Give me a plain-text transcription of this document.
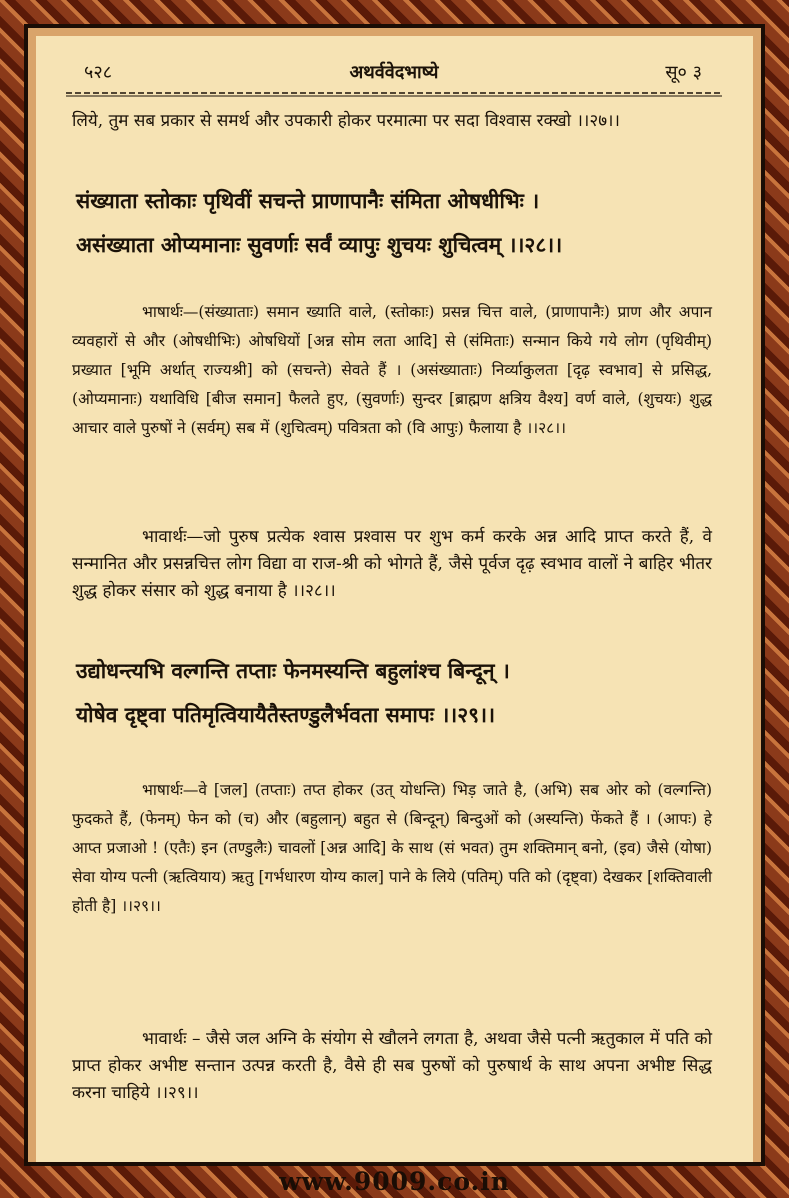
५२८	अथर्ववेदभाष्ये	सू० ३
लिये, तुम सब प्रकार से समर्थ और उपकारी होकर परमात्मा पर सदा विश्वास रक्खो ।।२७।।
संख्याता स्तोकाः पृथिवीं सचन्ते प्राणापानैः संमिता ओषधीभिः ।
असंख्याता ओप्यमानाः सुवर्णाः सर्वं व्यापुः शुचयः शुचित्वम् ।।२८।।
भाषार्थः—(संख्याताः) समान ख्याति वाले, (स्तोकाः) प्रसन्न चित्त वाले, (प्राणापानैः) प्राण और अपान व्यवहारों से और (ओषधीभिः) ओषधियों [अन्न सोम लता आदि] से (संमिताः) सन्मान किये गये लोग (पृथिवीम्) प्रख्यात [भूमि अर्थात् राज्यश्री] को (सचन्ते) सेवते हैं । (असंख्याताः) निर्व्याकुलता [दृढ़ स्वभाव] से प्रसिद्ध, (ओप्यमानाः) यथाविधि [बीज समान] फैलते हुए, (सुवर्णाः) सुन्दर [ब्राह्मण क्षत्रिय वैश्य] वर्ण वाले, (शुचयः) शुद्ध आचार वाले पुरुषों ने (सर्वम्) सब में (शुचित्वम्) पवित्रता को (वि आपुः) फैलाया है ।।२८।।
भावार्थः—जो पुरुष प्रत्येक श्वास प्रश्वास पर शुभ कर्म करके अन्न आदि प्राप्त करते हैं, वे सन्मानित और प्रसन्नचित्त लोग विद्या वा राज-श्री को भोगते हैं, जैसे पूर्वज दृढ़ स्वभाव वालों ने बाहिर भीतर शुद्ध होकर संसार को शुद्ध बनाया है ।।२८।।
उद्योधन्त्यभि वल्गन्ति तप्ताः फेनमस्यन्ति बहुलांश्च बिन्दून् ।
योषेव दृष्ट्वा पतिमृत्वियायैतैस्तण्डुलैर्भवता समापः ।।२९।।
भाषार्थः—वे [जल] (तप्ताः) तप्त होकर (उत् योधन्ति) भिड़ जाते है, (अभि) सब ओर को (वल्गन्ति) फुदकते हैं, (फेनम्) फेन को (च) और (बहुलान्) बहुत से (बिन्दून्) बिन्दुओं को (अस्यन्ति) फेंकते हैं । (आपः) हे आप्त प्रजाओ ! (एतैः) इन (तण्डुलैः) चावलों [अन्न आदि] के साथ (सं भवत) तुम शक्तिमान् बनो, (इव) जैसे (योषा) सेवा योग्य पत्नी (ऋत्वियाय) ऋतु [गर्भधारण योग्य काल] पाने के लिये (पतिम्) पति को (दृष्ट्वा) देखकर [शक्तिवाली होती है] ।।२९।।
भावार्थः – जैसे जल अग्नि के संयोग से खौलने लगता है, अथवा जैसे पत्नी ऋतुकाल में पति को प्राप्त होकर अभीष्ट सन्तान उत्पन्न करती है, वैसे ही सब पुरुषों को पुरुषार्थ के साथ अपना अभीष्ट सिद्ध करना चाहिये ।।२९।।
www.9009.co.in
